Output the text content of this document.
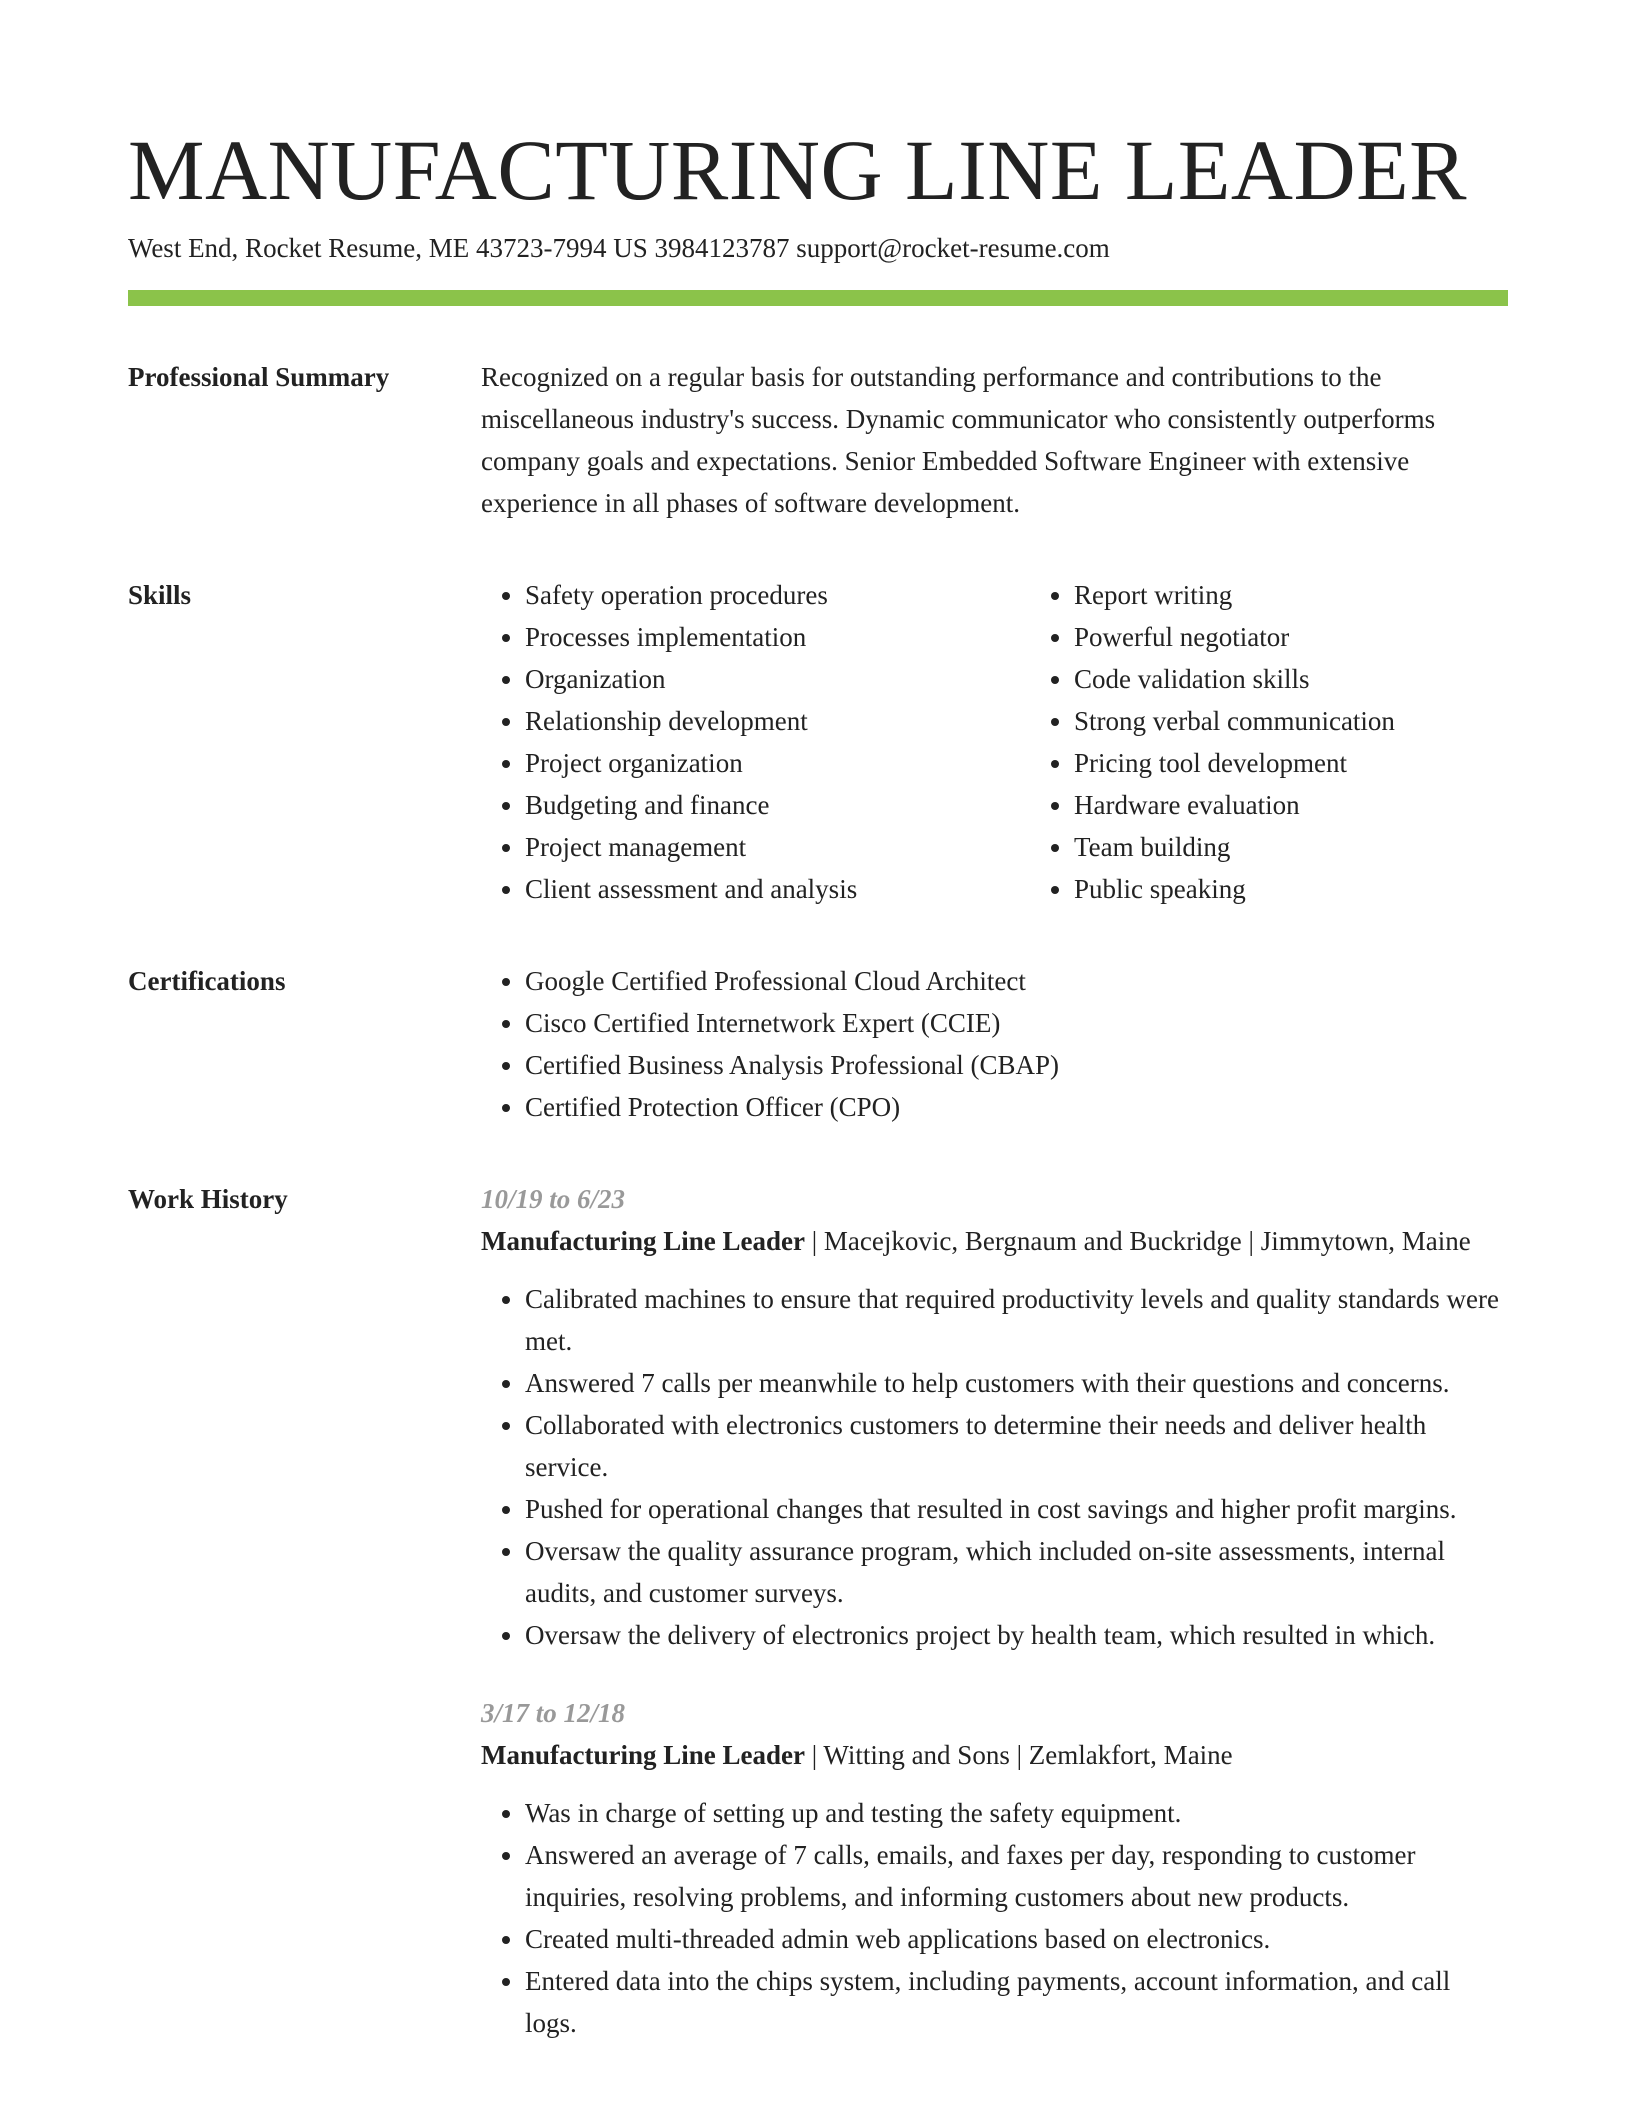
MANUFACTURING LINE LEADER
West End, Rocket Resume, ME 43723-7994 US 3984123787 support@rocket-resume.com
Professional Summary	Recognized on a regular basis for outstanding performance and contributions to the miscellaneous industry's success. Dynamic communicator who consistently outperforms company goals and expectations. Senior Embedded Software Engineer with extensive experience in all phases of software development.

Skills	• Safety operation procedures
• Processes implementation
• Organization
• Relationship development
• Project organization
• Budgeting and finance
• Project management
• Client assessment and analysis
• Report writing
• Powerful negotiator
• Code validation skills
• Strong verbal communication
• Pricing tool development
• Hardware evaluation
• Team building
• Public speaking
Certifications	• Google Certified Professional Cloud Architect
• Cisco Certified Internetwork Expert (CCIE)
• Certified Business Analysis Professional (CBAP)
• Certified Protection Officer (CPO)
Work History	10/19 to 6/23

Manufacturing Line Leader | Macejkovic, Bergnaum and Buckridge | Jimmytown, Maine

• Calibrated machines to ensure that required productivity levels and quality standards were met.
• Answered 7 calls per meanwhile to help customers with their questions and concerns.
• Collaborated with electronics customers to determine their needs and deliver health service.
• Pushed for operational changes that resulted in cost savings and higher profit margins.
• Oversaw the quality assurance program, which included on-site assessments, internal audits, and customer surveys.
• Oversaw the delivery of electronics project by health team, which resulted in which.
3/17 to 12/18

Manufacturing Line Leader | Witting and Sons | Zemlakfort, Maine

• Was in charge of setting up and testing the safety equipment.
• Answered an average of 7 calls, emails, and faxes per day, responding to customer inquiries, resolving problems, and informing customers about new products.
• Created multi-threaded admin web applications based on electronics.
• Entered data into the chips system, including payments, account information, and call logs.
